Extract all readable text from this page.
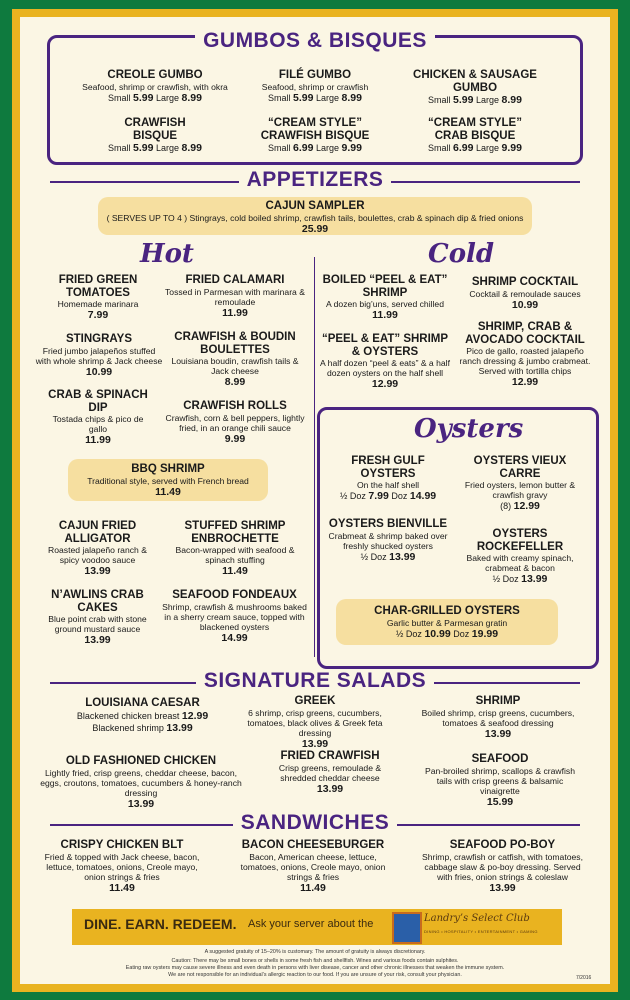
GUMBOS & BISQUES
CREOLE GUMBO
Seafood, shrimp or crawfish, with okra
Small 5.99 Large 8.99
FILÉ GUMBO
Seafood, shrimp or crawfish
Small 5.99 Large 8.99
CHICKEN & SAUSAGE GUMBO
Small 5.99 Large 8.99
CRAWFISH BISQUE
Small 5.99 Large 8.99
“CREAM STYLE” CRAWFISH BISQUE
Small 6.99 Large 9.99
“CREAM STYLE” CRAB BISQUE
Small 6.99 Large 9.99
APPETIZERS
CAJUN SAMPLER
( SERVES UP TO 4 ) Stingrays, cold boiled shrimp, crawfish tails, boulettes, crab & spinach dip & fried onions
25.99
Hot	Cold
FRIED GREEN TOMATOES
Homemade marinara
7.99
FRIED CALAMARI
Tossed in Parmesan with marinara & remoulade
11.99
STINGRAYS
Fried jumbo jalapeños stuffed with whole shrimp & Jack cheese
10.99
CRAWFISH & BOUDIN BOULETTES
Louisiana boudin, crawfish tails & Jack cheese
8.99
CRAB & SPINACH DIP
Tostada chips & pico de gallo
11.99
CRAWFISH ROLLS
Crawfish, corn & bell peppers, lightly fried, in an orange chili sauce
9.99
BBQ SHRIMP
Traditional style, served with French bread
11.49
CAJUN FRIED ALLIGATOR
Roasted jalapeño ranch & spicy voodoo sauce
13.99
STUFFED SHRIMP ENBROCHETTE
Bacon-wrapped with seafood & spinach stuffing
11.49
N’AWLINS CRAB CAKES
Blue point crab with stone ground mustard sauce
13.99
SEAFOOD FONDEAUX
Shrimp, crawfish & mushrooms baked in a sherry cream sauce, topped with blackened oysters
14.99
BOILED “PEEL & EAT” SHRIMP
A dozen big’uns, served chilled
11.99
SHRIMP COCKTAIL
Cocktail & remoulade sauces
10.99
“PEEL & EAT” SHRIMP & OYSTERS
A half dozen “peel & eats” & a half dozen oysters on the half shell
12.99
SHRIMP, CRAB & AVOCADO COCKTAIL
Pico de gallo, roasted jalapeño ranch dressing & jumbo crabmeat. Served with tortilla chips
12.99
Oysters
FRESH GULF OYSTERS
On the half shell
½ Doz 7.99 Doz 14.99
OYSTERS VIEUX CARRE
Fried oysters, lemon butter & crawfish gravy
(8) 12.99
OYSTERS BIENVILLE
Crabmeat & shrimp baked over freshly shucked oysters
½ Doz 13.99
OYSTERS ROCKEFELLER
Baked with creamy spinach, crabmeat & bacon
½ Doz 13.99
CHAR-GRILLED OYSTERS
Garlic butter & Parmesan gratin
½ Doz 10.99 Doz 19.99
SIGNATURE SALADS
LOUISIANA CAESAR
Blackened chicken breast 12.99
Blackened shrimp 13.99
GREEK
6 shrimp, crisp greens, cucumbers, tomatoes, black olives & Greek feta dressing
13.99
SHRIMP
Boiled shrimp, crisp greens, cucumbers, tomatoes & seafood dressing
13.99
OLD FASHIONED CHICKEN
Lightly fried, crisp greens, cheddar cheese, bacon, eggs, croutons, tomatoes, cucumbers & honey-ranch dressing
13.99
FRIED CRAWFISH
Crisp greens, remoulade & shredded cheddar cheese
13.99
SEAFOOD
Pan-broiled shrimp, scallops & crawfish tails with crisp greens & balsamic vinaigrette
15.99
SANDWICHES
CRISPY CHICKEN BLT
Fried & topped with Jack cheese, bacon, lettuce, tomatoes, onions, Creole mayo, onion strings & fries
11.49
BACON CHEESEBURGER
Bacon, American cheese, lettuce, tomatoes, onions, Creole mayo, onion strings & fries
11.49
SEAFOOD PO-BOY
Shrimp, crawfish or catfish, with tomatoes, cabbage slaw & po-boy dressing. Served with fries, onion strings & coleslaw
13.99
DINE. EARN. REDEEM. Ask your server about the	Landry’s Select Club
DINING • HOSPITALITY • ENTERTAINMENT • GAMING
A suggested gratuity of 15–20% is customary. The amount of gratuity is always discretionary.
Caution: There may be small bones or shells in some fresh fish and shellfish. Wines and various foods contain sulphites.
Eating raw oysters may cause severe illness and even death in persons with liver disease, cancer and other chronic illnesses that weaken the immune system.
We are not responsible for an individual’s allergic reaction to our food. If you are unsure of your risk, consult your physician.	7/2016
